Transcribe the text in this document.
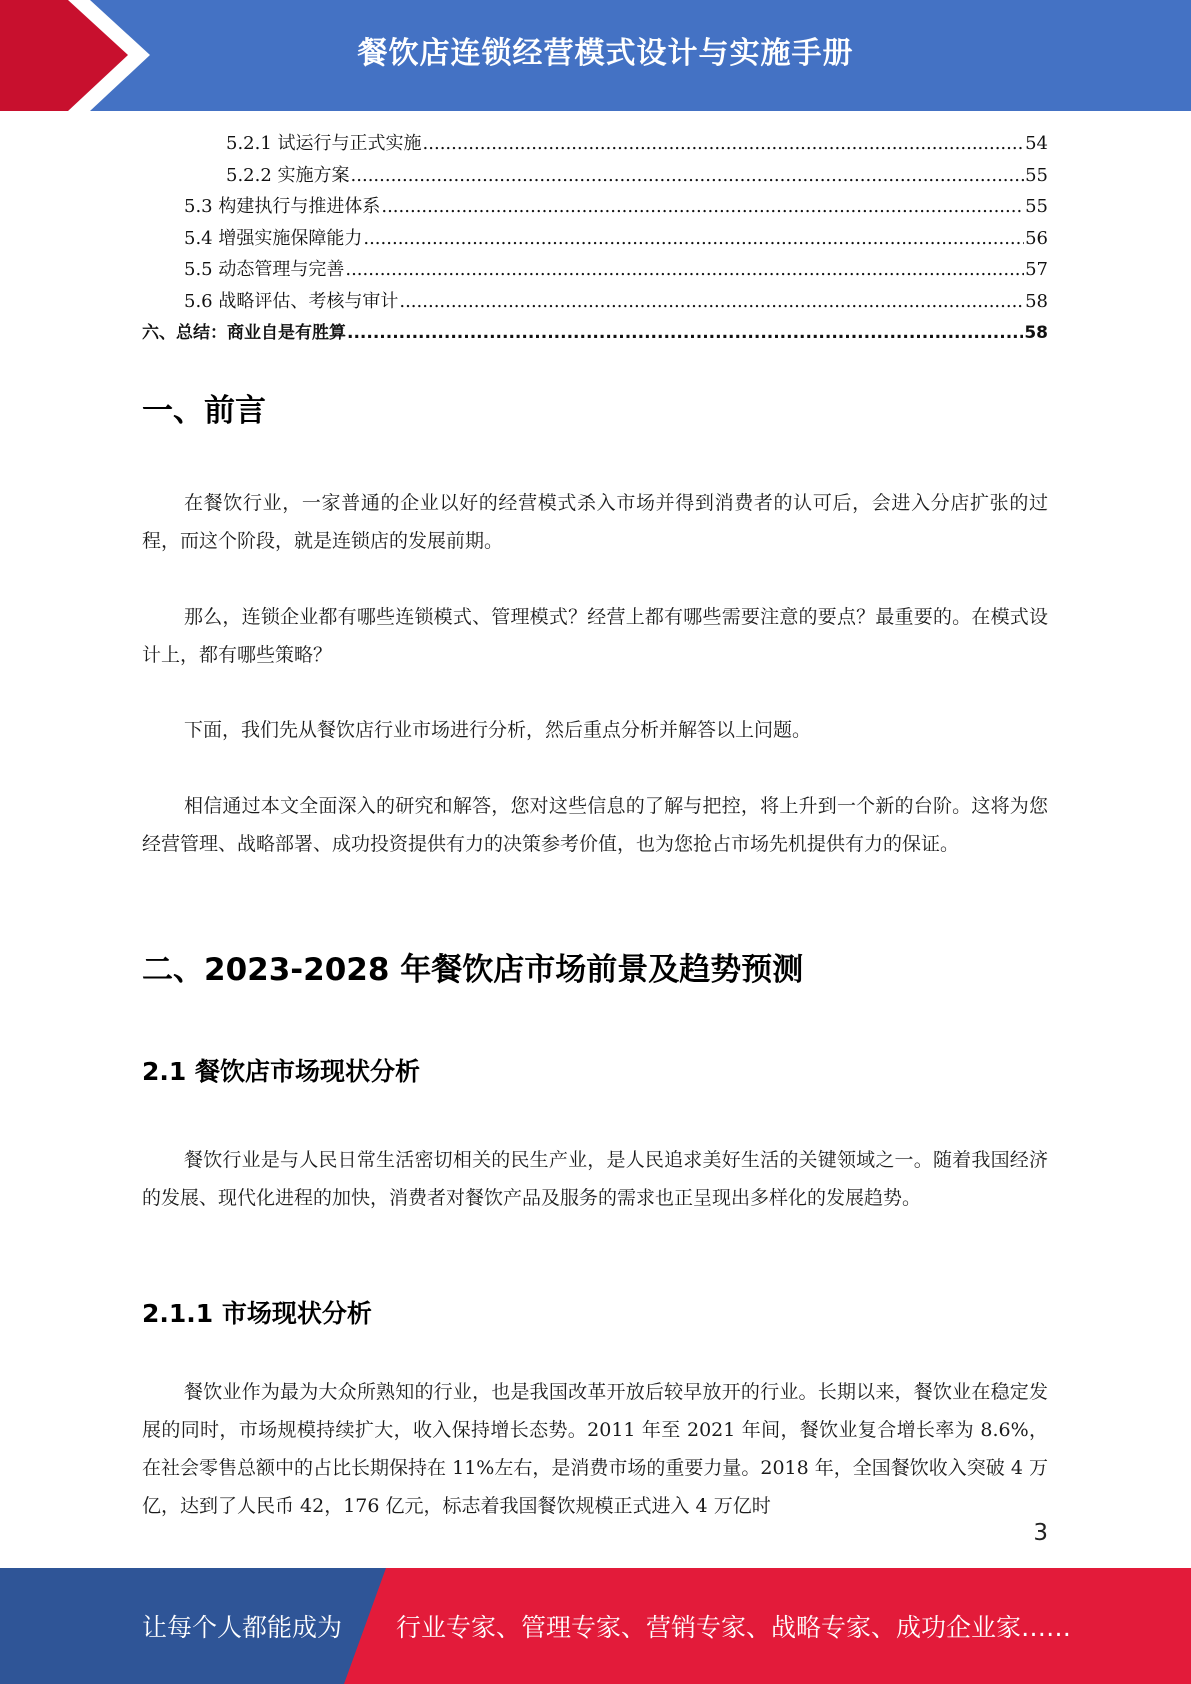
餐饮店连锁经营模式设计与实施手册
5.2.1 试运行与正式实施 .....	54
5.2.2 实施方案 .....	55
5.3 构建执行与推进体系 .....	55
5.4 增强实施保障能力 .....	56
5.5 动态管理与完善 .....	57
5.6 战略评估、考核与审计 .....	58
六、总结：商业自是有胜算 .....	58
一、前言
在餐饮行业，一家普通的企业以好的经营模式杀入市场并得到消费者的认可后，会进入分店扩张的过程，而这个阶段，就是连锁店的发展前期。
那么，连锁企业都有哪些连锁模式、管理模式？经营上都有哪些需要注意的要点？最重要的。在模式设计上，都有哪些策略？
下面，我们先从餐饮店行业市场进行分析，然后重点分析并解答以上问题。
相信通过本文全面深入的研究和解答，您对这些信息的了解与把控，将上升到一个新的台阶。这将为您经营管理、战略部署、成功投资提供有力的决策参考价值，也为您抢占市场先机提供有力的保证。
二、2023-2028 年餐饮店市场前景及趋势预测
2.1 餐饮店市场现状分析
餐饮行业是与人民日常生活密切相关的民生产业，是人民追求美好生活的关键领域之一。随着我国经济的发展、现代化进程的加快，消费者对餐饮产品及服务的需求也正呈现出多样化的发展趋势。
2.1.1 市场现状分析
餐饮业作为最为大众所熟知的行业，也是我国改革开放后较早放开的行业。长期以来，餐饮业在稳定发展的同时，市场规模持续扩大，收入保持增长态势。2011 年至 2021 年间，餐饮业复合增长率为 8.6%，在社会零售总额中的占比长期保持在 11%左右，是消费市场的重要力量。2018 年，全国餐饮收入突破 4 万亿，达到了人民币 42，176 亿元，标志着我国餐饮规模正式进入 4 万亿时
3
让每个人都能成为 行业专家、管理专家、营销专家、战略专家、成功企业家……
